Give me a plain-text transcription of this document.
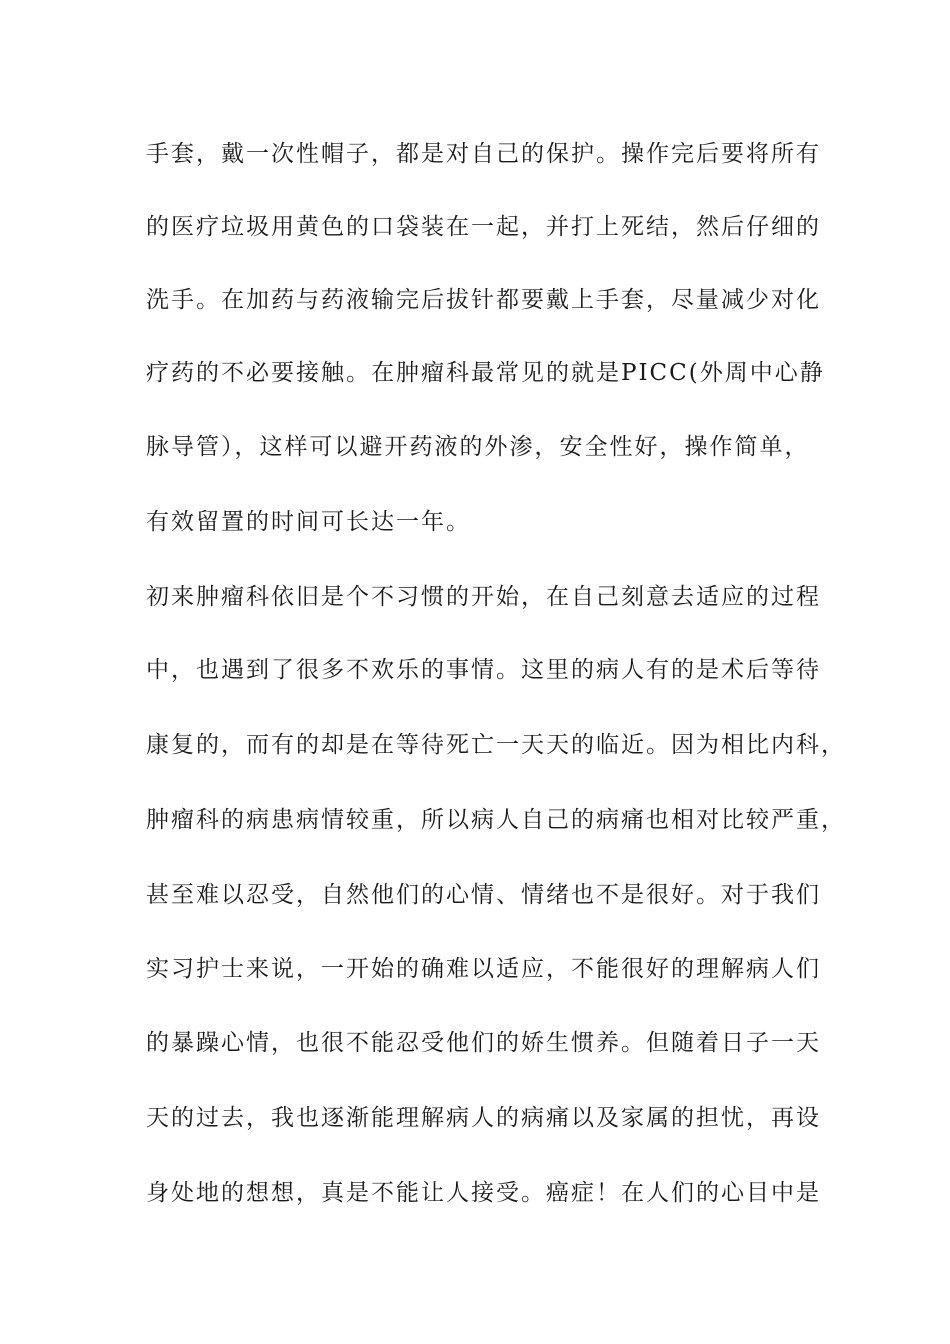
手套，戴一次性帽子，都是对自己的保护。操作完后要将所有

的医疗垃圾用黄色的口袋装在一起，并打上死结，然后仔细的

洗手。在加药与药液输完后拔针都要戴上手套，尽量减少对化

疗药的不必要接触。在肿瘤科最常见的就是PICC(外周中心静

脉导管），这样可以避开药液的外渗，安全性好，操作简单，

有效留置的时间可长达一年。

初来肿瘤科依旧是个不习惯的开始，在自己刻意去适应的过程

中，也遇到了很多不欢乐的事情。这里的病人有的是术后等待

康复的，而有的却是在等待死亡一天天的临近。因为相比内科，

肿瘤科的病患病情较重，所以病人自己的病痛也相对比较严重，

甚至难以忍受，自然他们的心情、情绪也不是很好。对于我们

实习护士来说，一开始的确难以适应，不能很好的理解病人们

的暴躁心情，也很不能忍受他们的娇生惯养。但随着日子一天

天的过去，我也逐渐能理解病人的病痛以及家属的担忧，再设

身处地的想想，真是不能让人接受。癌症！在人们的心目中是
